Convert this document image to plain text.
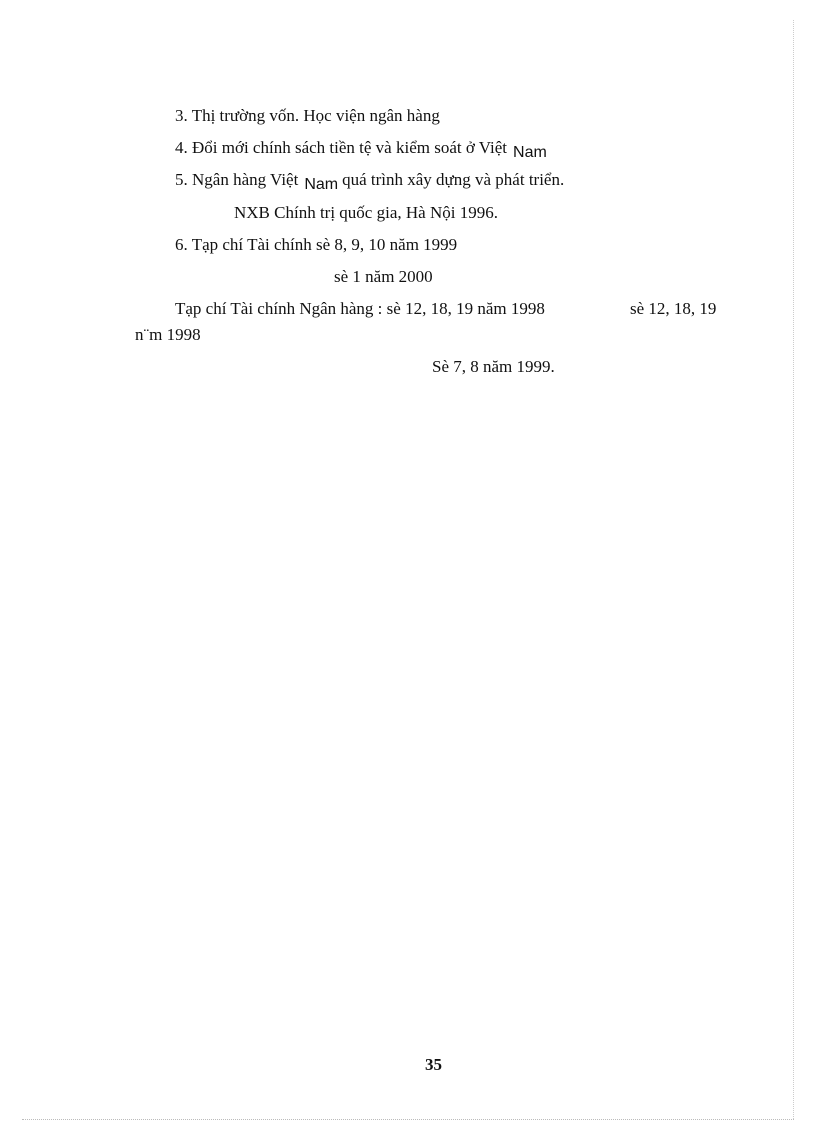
3. Thị trường vốn. Học viện ngân hàng
4. Đổi mới chính sách tiền tệ và kiểm soát ở Việt Nam
5. Ngân hàng Việt Nam quá trình xây dựng và phát triển.
NXB Chính trị quốc gia, Hà Nội 1996.
6. Tạp chí Tài chính sè 8, 9, 10 năm 1999
sè 1 năm 2000
Tạp chí Tài chính Ngân hàng : sè 12, 18, 19 năm 1998	sè 12, 18, 19
n¨m 1998
Sè 7, 8 năm 1999.
35
